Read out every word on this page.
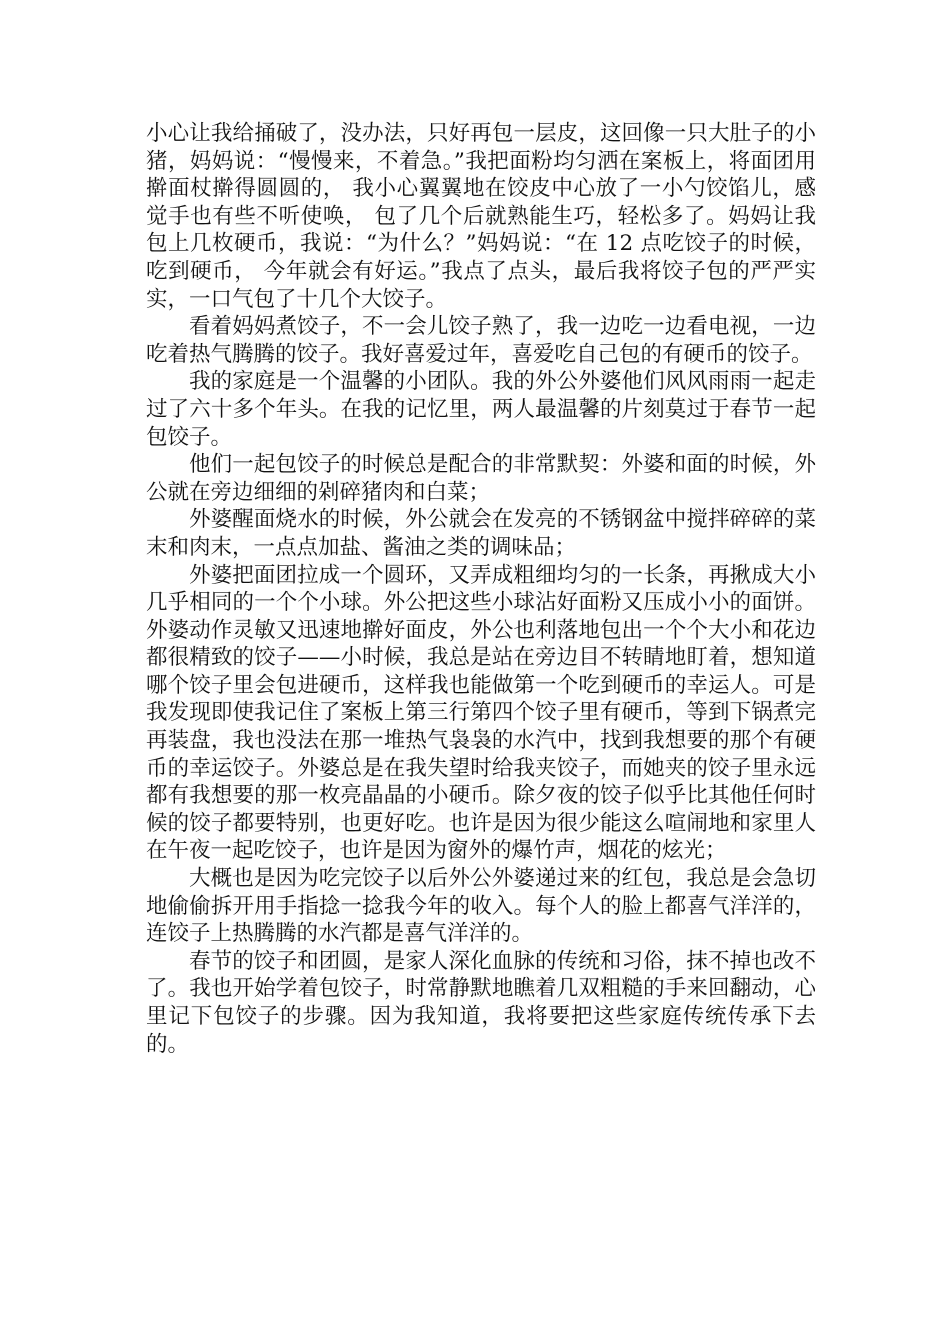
小心让我给捅破了，没办法，只好再包一层皮，这回像一只大肚子的小猪，妈妈说：“慢慢来，不着急。”我把面粉均匀洒在案板上，将面团用擀面杖擀得圆圆的， 我小心翼翼地在饺皮中心放了一小勺饺馅儿，感觉手也有些不听使唤， 包了几个后就熟能生巧，轻松多了。妈妈让我包上几枚硬币，我说：“为什么？”妈妈说：“在 12 点吃饺子的时候，吃到硬币， 今年就会有好运。”我点了点头，最后我将饺子包的严严实实，一口气包了十几个大饺子。

看着妈妈煮饺子，不一会儿饺子熟了，我一边吃一边看电视，一边吃着热气腾腾的饺子。我好喜爱过年，喜爱吃自己包的有硬币的饺子。

我的家庭是一个温馨的小团队。我的外公外婆他们风风雨雨一起走过了六十多个年头。在我的记忆里，两人最温馨的片刻莫过于春节一起包饺子。

他们一起包饺子的时候总是配合的非常默契：外婆和面的时候，外公就在旁边细细的剁碎猪肉和白菜；

外婆醒面烧水的时候，外公就会在发亮的不锈钢盆中搅拌碎碎的菜末和肉末，一点点加盐、酱油之类的调味品；

外婆把面团拉成一个圆环，又弄成粗细均匀的一长条，再揪成大小几乎相同的一个个小球。外公把这些小球沾好面粉又压成小小的面饼。外婆动作灵敏又迅速地擀好面皮，外公也利落地包出一个个大小和花边都很精致的饺子——小时候，我总是站在旁边目不转睛地盯着，想知道哪个饺子里会包进硬币，这样我也能做第一个吃到硬币的幸运人。可是我发现即使我记住了案板上第三行第四个饺子里有硬币，等到下锅煮完再装盘，我也没法在那一堆热气袅袅的水汽中，找到我想要的那个有硬币的幸运饺子。外婆总是在我失望时给我夹饺子，而她夹的饺子里永远都有我想要的那一枚亮晶晶的小硬币。除夕夜的饺子似乎比其他任何时候的饺子都要特别，也更好吃。也许是因为很少能这么喧闹地和家里人在午夜一起吃饺子，也许是因为窗外的爆竹声，烟花的炫光；

大概也是因为吃完饺子以后外公外婆递过来的红包，我总是会急切地偷偷拆开用手指捻一捻我今年的收入。每个人的脸上都喜气洋洋的，连饺子上热腾腾的水汽都是喜气洋洋的。

春节的饺子和团圆，是家人深化血脉的传统和习俗，抹不掉也改不了。我也开始学着包饺子，时常静默地瞧着几双粗糙的手来回翻动，心里记下包饺子的步骤。因为我知道，我将要把这些家庭传统传承下去的。
